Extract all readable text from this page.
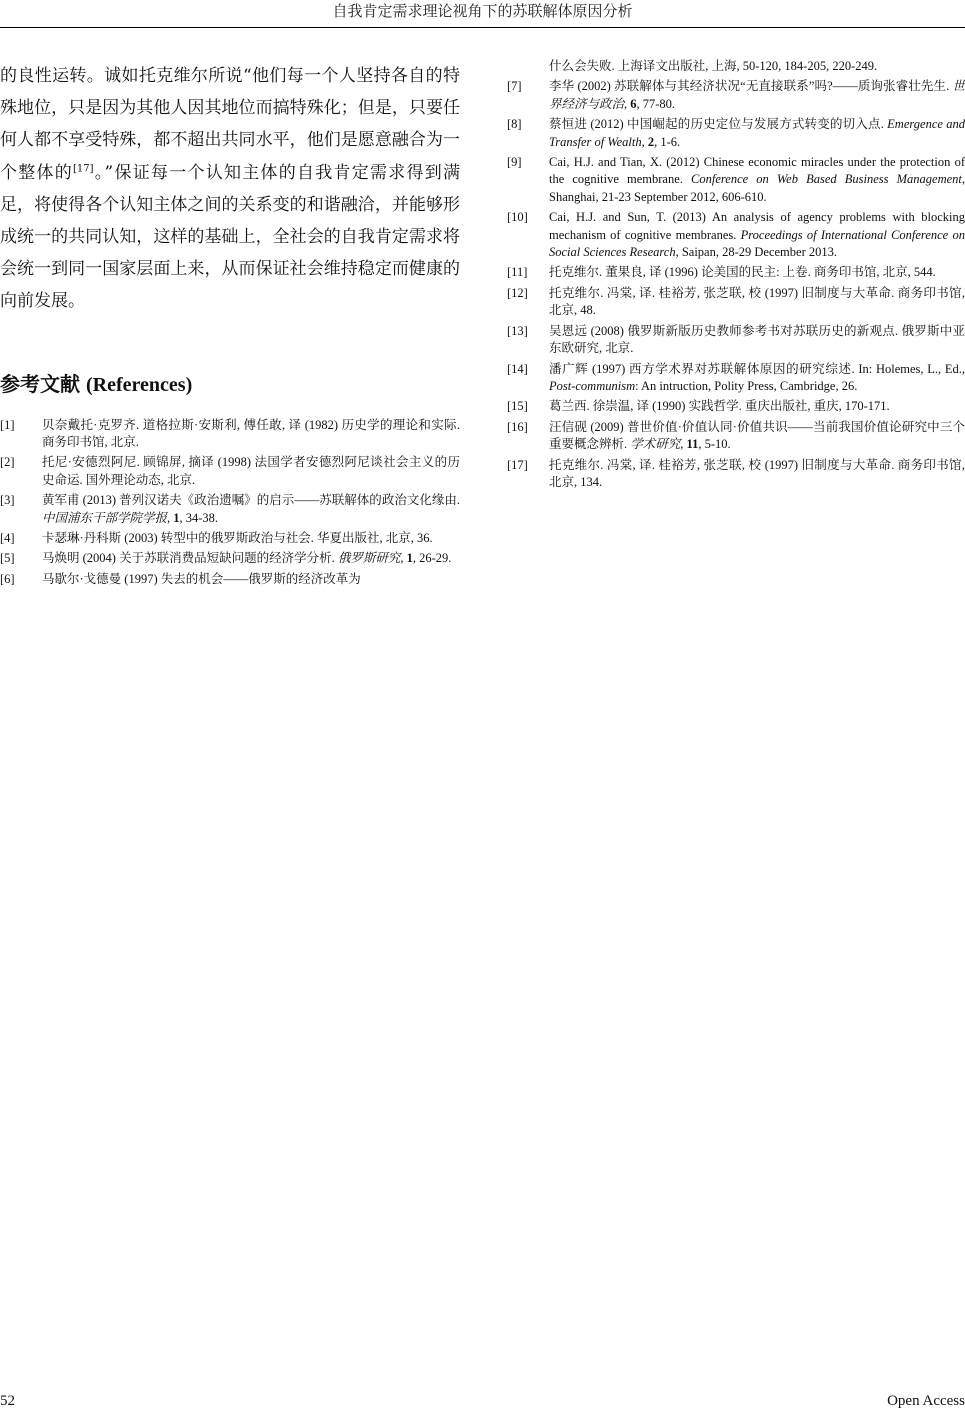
自我肯定需求理论视角下的苏联解体原因分析

的良性运转。诚如托克维尔所说“他们每一个人坚持各自的特殊地位，只是因为其他人因其地位而搞特殊化；但是，只要任何人都不享受特殊，都不超出共同水平，他们是愿意融合为一个整体的[17]。”保证每一个认知主体的自我肯定需求得到满足，将使得各个认知主体之间的关系变的和谐融洽，并能够形成统一的共同认知，这样的基础上，全社会的自我肯定需求将会统一到同一国家层面上来，从而保证社会维持稳定而健康的向前发展。

参考文献 (References)
[1] 贝奈戴托·克罗齐. 道格拉斯·安斯利, 傅任敢, 译 (1982) 历史学的理论和实际. 商务印书馆, 北京.
[2] 托尼·安德烈阿尼. 顾锦屏, 摘译 (1998) 法国学者安德烈阿尼谈社会主义的历史命运. 国外理论动态, 北京.
[3] 黄军甫 (2013) 普列汉诺夫《政治遗嘱》的启示——苏联解体的政治文化缘由. 中国浦东干部学院学报, 1, 34-38.
[4] 卡瑟琳·丹科斯 (2003) 转型中的俄罗斯政治与社会. 华夏出版社, 北京, 36.
[5] 马焕明 (2004) 关于苏联消费品短缺问题的经济学分析. 俄罗斯研究, 1, 26-29.
[6] 马歇尔·戈德曼 (1997) 失去的机会——俄罗斯的经济改革为
什么会失败. 上海译文出版社, 上海, 50-120, 184-205, 220-249.
[7] 李华 (2002) 苏联解体与其经济状况“无直接联系”吗?——质询张睿壮先生. 世界经济与政治, 6, 77-80.
[8] 蔡恒进 (2012) 中国崛起的历史定位与发展方式转变的切入点. Emergence and Transfer of Wealth, 2, 1-6.
[9] Cai, H.J. and Tian, X. (2012) Chinese economic miracles under the protection of the cognitive membrane. Conference on Web Based Business Management, Shanghai, 21-23 September 2012, 606-610.
[10] Cai, H.J. and Sun, T. (2013) An analysis of agency problems with blocking mechanism of cognitive membranes. Proceedings of International Conference on Social Sciences Research, Saipan, 28-29 December 2013.
[11] 托克维尔. 董果良, 译 (1996) 论美国的民主: 上卷. 商务印书馆, 北京, 544.
[12] 托克维尔. 冯棠, 译. 桂裕芳, 张芝联, 校 (1997) 旧制度与大革命. 商务印书馆, 北京, 48.
[13] 吴恩远 (2008) 俄罗斯新版历史教师参考书对苏联历史的新观点. 俄罗斯中亚东欧研究, 北京.
[14] 潘广辉 (1997) 西方学术界对苏联解体原因的研究综述. In: Holemes, L., Ed., Post-communism: An intruction, Polity Press, Cambridge, 26.
[15] 葛兰西. 徐崇温, 译 (1990) 实践哲学. 重庆出版社, 重庆, 170-171.
[16] 汪信砚 (2009) 普世价值·价值认同·价值共识——当前我国价值论研究中三个重要概念辨析. 学术研究, 11, 5-10.
[17] 托克维尔. 冯棠, 译. 桂裕芳, 张芝联, 校 (1997) 旧制度与大革命. 商务印书馆, 北京, 134.
52	Open Access
